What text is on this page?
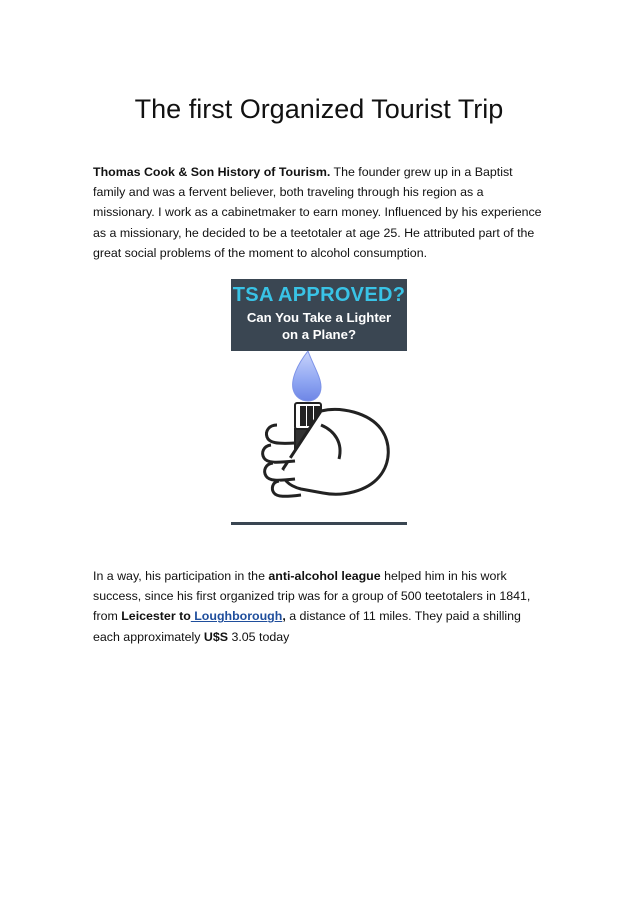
The first Organized Tourist Trip

Thomas Cook & Son History of Tourism. The founder grew up in a Baptist family and was a fervent believer, both traveling through his region as a missionary. I work as a cabinetmaker to earn money. Influenced by his experience as a missionary, he decided to be a teetotaler at age 25. He attributed part of the great social problems of the moment to alcohol consumption.

TSA APPROVED?
Can You Take a Lighter
on a Plane?

In a way, his participation in the anti-alcohol league helped him in his work success, since his first organized trip was for a group of 500 teetotalers in 1841, from Leicester to Loughborough, a distance of 11 miles. They paid a shilling each approximately U$S 3.05 today
